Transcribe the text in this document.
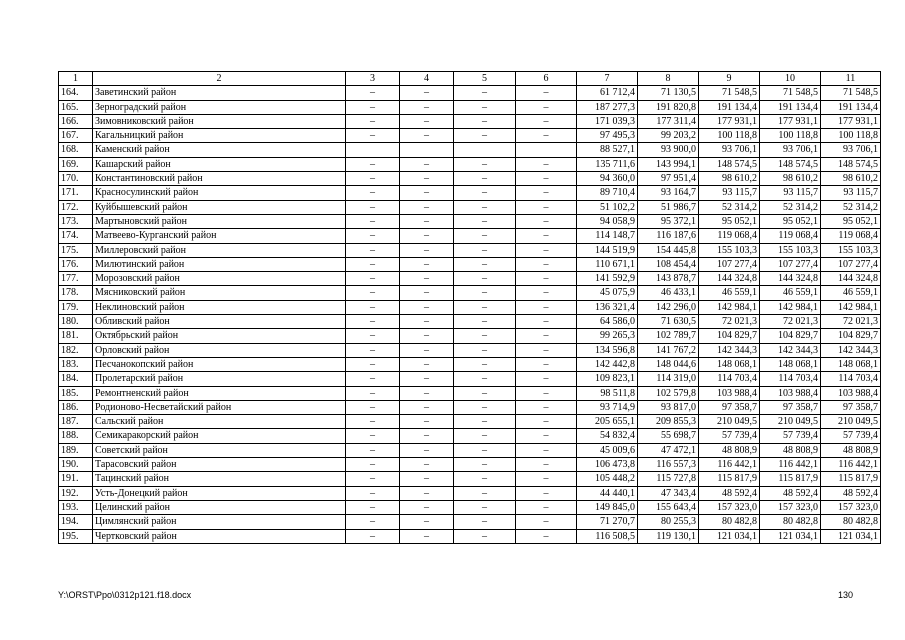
1	2	3	4	5	6	7	8	9	10	11
164.	Заветинский район	–	–	–	–	61 712,4	71 130,5	71 548,5	71 548,5	71 548,5
165.	Зерноградский район	–	–	–	–	187 277,3	191 820,8	191 134,4	191 134,4	191 134,4
166.	Зимовниковский район	–	–	–	–	171 039,3	177 311,4	177 931,1	177 931,1	177 931,1
167.	Кагальницкий район	–	–	–	–	97 495,3	99 203,2	100 118,8	100 118,8	100 118,8
168.	Каменский район					88 527,1	93 900,0	93 706,1	93 706,1	93 706,1
169.	Кашарский район	–	–	–	–	135 711,6	143 994,1	148 574,5	148 574,5	148 574,5
170.	Константиновский район	–	–	–	–	94 360,0	97 951,4	98 610,2	98 610,2	98 610,2
171.	Красносулинский район	–	–	–	–	89 710,4	93 164,7	93 115,7	93 115,7	93 115,7
172.	Куйбышевский район	–	–	–	–	51 102,2	51 986,7	52 314,2	52 314,2	52 314,2
173.	Мартыновский район	–	–	–	–	94 058,9	95 372,1	95 052,1	95 052,1	95 052,1
174.	Матвеево-Курганский район	–	–	–	–	114 148,7	116 187,6	119 068,4	119 068,4	119 068,4
175.	Миллеровский район	–	–	–	–	144 519,9	154 445,8	155 103,3	155 103,3	155 103,3
176.	Милютинский район	–	–	–	–	110 671,1	108 454,4	107 277,4	107 277,4	107 277,4
177.	Морозовский район	–	–	–	–	141 592,9	143 878,7	144 324,8	144 324,8	144 324,8
178.	Мясниковский район	–	–	–	–	45 075,9	46 433,1	46 559,1	46 559,1	46 559,1
179.	Неклиновский район	–	–	–	–	136 321,4	142 296,0	142 984,1	142 984,1	142 984,1
180.	Обливский район	–	–	–	–	64 586,0	71 630,5	72 021,3	72 021,3	72 021,3
181.	Октябрьский район	–	–	–	–	99 265,3	102 789,7	104 829,7	104 829,7	104 829,7
182.	Орловский район	–	–	–	–	134 596,8	141 767,2	142 344,3	142 344,3	142 344,3
183.	Песчанокопский район	–	–	–	–	142 442,8	148 044,6	148 068,1	148 068,1	148 068,1
184.	Пролетарский район	–	–	–	–	109 823,1	114 319,0	114 703,4	114 703,4	114 703,4
185.	Ремонтненский район	–	–	–	–	98 511,8	102 579,8	103 988,4	103 988,4	103 988,4
186.	Родионово-Несветайский район	–	–	–	–	93 714,9	93 817,0	97 358,7	97 358,7	97 358,7
187.	Сальский район	–	–	–	–	205 655,1	209 855,3	210 049,5	210 049,5	210 049,5
188.	Семикаракорский район	–	–	–	–	54 832,4	55 698,7	57 739,4	57 739,4	57 739,4
189.	Советский район	–	–	–	–	45 009,6	47 472,1	48 808,9	48 808,9	48 808,9
190.	Тарасовский район	–	–	–	–	106 473,8	116 557,3	116 442,1	116 442,1	116 442,1
191.	Тацинский район	–	–	–	–	105 448,2	115 727,8	115 817,9	115 817,9	115 817,9
192.	Усть-Донецкий район	–	–	–	–	44 440,1	47 343,4	48 592,4	48 592,4	48 592,4
193.	Целинский район	–	–	–	–	149 845,0	155 643,4	157 323,0	157 323,0	157 323,0
194.	Цимлянский район	–	–	–	–	71 270,7	80 255,3	80 482,8	80 482,8	80 482,8
195.	Чертковский район	–	–	–	–	116 508,5	119 130,1	121 034,1	121 034,1	121 034,1
Y:\ORST\Ppo\0312p121.f18.docx	130
